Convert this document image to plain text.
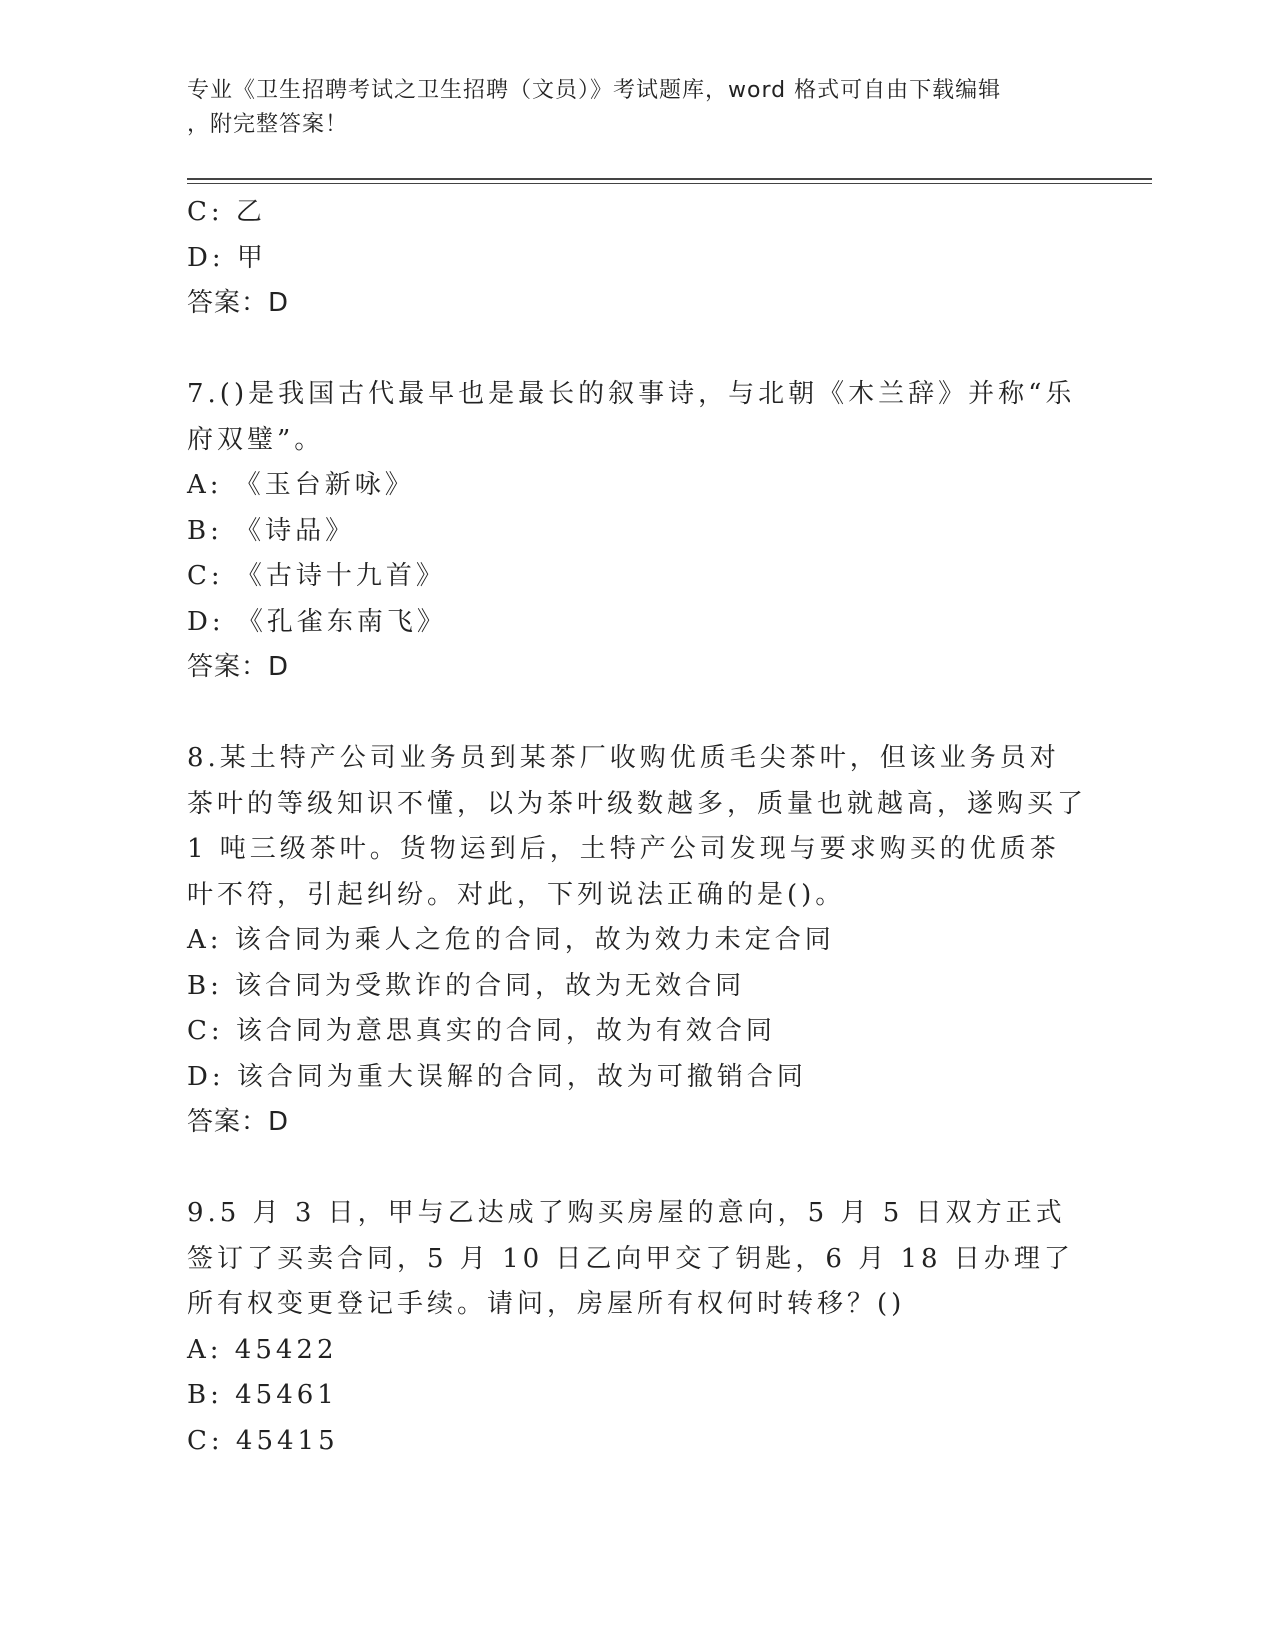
专业《卫生招聘考试之卫生招聘（文员）》考试题库，word 格式可自由下载编辑
，附完整答案！
C: 乙
D: 甲
答案：D
7.()是我国古代最早也是最长的叙事诗，与北朝《木兰辞》并称“乐府双璧”。
A: 《玉台新咏》
B: 《诗品》
C: 《古诗十九首》
D: 《孔雀东南飞》
答案：D
8.某土特产公司业务员到某茶厂收购优质毛尖茶叶，但该业务员对茶叶的等级知识不懂，以为茶叶级数越多，质量也就越高，遂购买了 1 吨三级茶叶。货物运到后，土特产公司发现与要求购买的优质茶叶不符，引起纠纷。对此，下列说法正确的是()。
A: 该合同为乘人之危的合同，故为效力未定合同
B: 该合同为受欺诈的合同，故为无效合同
C: 该合同为意思真实的合同，故为有效合同
D: 该合同为重大误解的合同，故为可撤销合同
答案：D
9.5 月 3 日，甲与乙达成了购买房屋的意向，5 月 5 日双方正式签订了买卖合同，5 月 10 日乙向甲交了钥匙，6 月 18 日办理了所有权变更登记手续。请问，房屋所有权何时转移？()
A: 45422
B: 45461
C: 45415
